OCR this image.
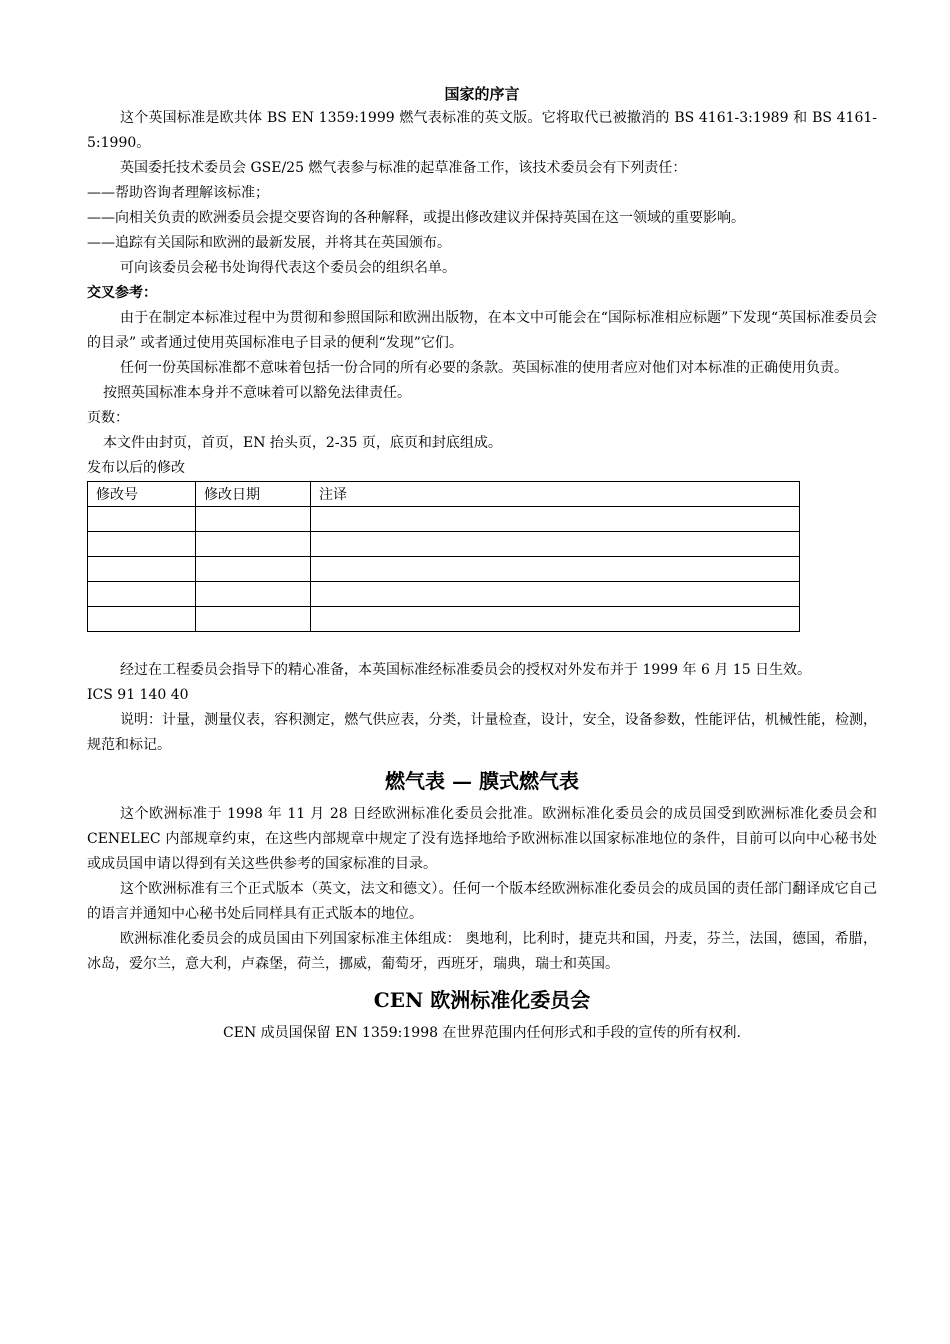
国家的序言

这个英国标准是欧共体 BS EN 1359:1999 燃气表标准的英文版。它将取代已被撤消的 BS 4161-3:1989 和 BS 4161-5:1990。

英国委托技术委员会 GSE/25 燃气表参与标准的起草准备工作，该技术委员会有下列责任：

——帮助咨询者理解该标准；

——向相关负责的欧洲委员会提交要咨询的各种解释，或提出修改建议并保持英国在这一领域的重要影响。

——追踪有关国际和欧洲的最新发展，并将其在英国颁布。

可向该委员会秘书处询得代表这个委员会的组织名单。

交叉参考：

由于在制定本标准过程中为贯彻和参照国际和欧洲出版物，在本文中可能会在“国际标准相应标题”下发现“英国标准委员会的目录” 或者通过使用英国标准电子目录的便利“发现”它们。

任何一份英国标准都不意味着包括一份合同的所有必要的条款。英国标准的使用者应对他们对本标准的正确使用负责。

按照英国标准本身并不意味着可以豁免法律责任。

页数：

本文件由封页，首页，EN 抬头页，2-35 页，底页和封底组成。

发布以后的修改

修改号	修改日期	注译

经过在工程委员会指导下的精心准备，本英国标准经标准委员会的授权对外发布并于 1999 年 6 月 15 日生效。

ICS 91 140 40

说明：计量，测量仪表，容积测定，燃气供应表，分类，计量检查，设计，安全，设备参数，性能评估，机械性能，检测，规范和标记。

燃气表 — 膜式燃气表

这个欧洲标准于 1998 年 11 月 28 日经欧洲标准化委员会批准。欧洲标准化委员会的成员国受到欧洲标准化委员会和 CENELEC 内部规章约束，在这些内部规章中规定了没有选择地给予欧洲标准以国家标准地位的条件，目前可以向中心秘书处或成员国申请以得到有关这些供参考的国家标准的目录。

这个欧洲标准有三个正式版本（英文，法文和德文）。任何一个版本经欧洲标准化委员会的成员国的责任部门翻译成它自己的语言并通知中心秘书处后同样具有正式版本的地位。

欧洲标准化委员会的成员国由下列国家标准主体组成： 奥地利，比利时，捷克共和国，丹麦，芬兰，法国，德国，希腊，冰岛，爱尔兰，意大利，卢森堡，荷兰，挪威，葡萄牙，西班牙，瑞典，瑞士和英国。

CEN 欧洲标准化委员会

CEN 成员国保留 EN 1359:1998 在世界范围内任何形式和手段的宣传的所有权利.
